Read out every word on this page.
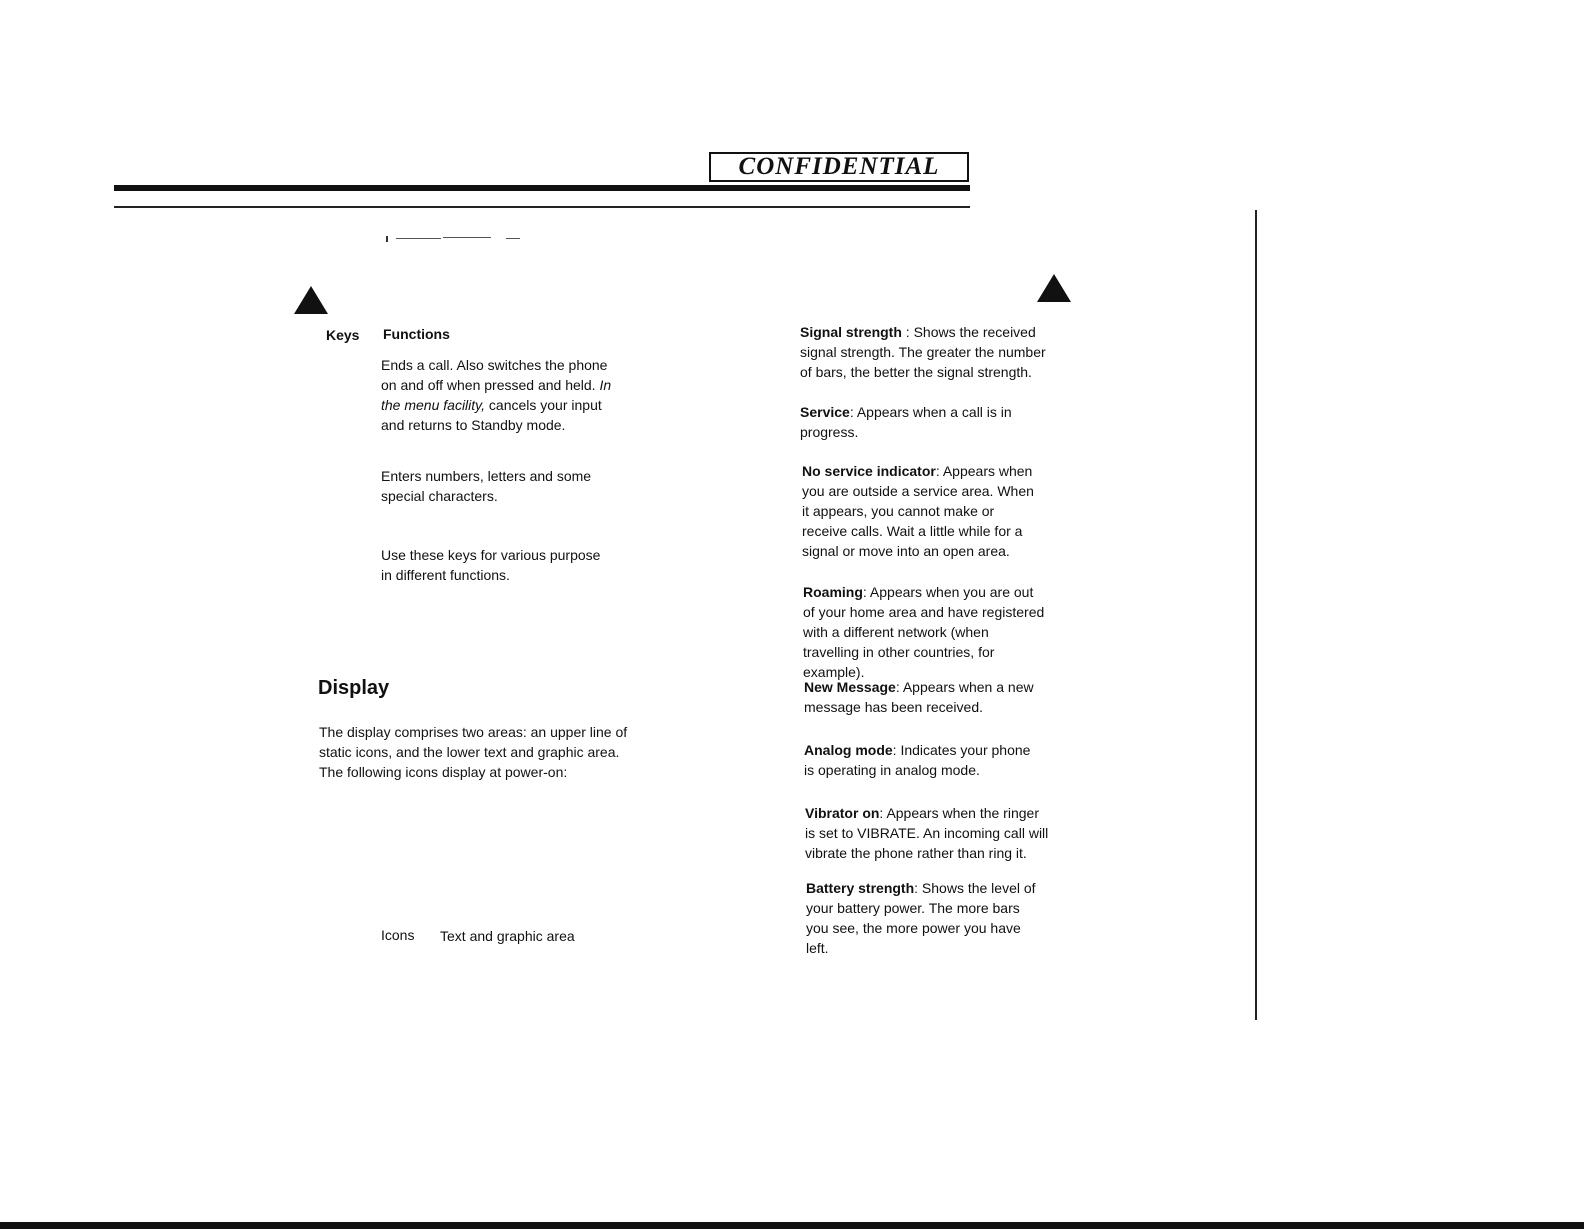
CONFIDENTIAL
Keys Functions
Ends a call. Also switches the phone on and off when pressed and held. In the menu facility, cancels your input and returns to Standby mode.
Enters numbers, letters and some special characters.
Use these keys for various purpose in different functions.
Display
The display comprises two areas: an upper line of static icons, and the lower text and graphic area. The following icons display at power-on:
Icons Text and graphic area
Signal strength : Shows the received signal strength. The greater the number of bars, the better the signal strength.
Service: Appears when a call is in progress.
No service indicator: Appears when you are outside a service area. When it appears, you cannot make or receive calls. Wait a little while for a signal or move into an open area.
Roaming: Appears when you are out of your home area and have registered with a different network (when travelling in other countries, for example).
New Message: Appears when a new message has been received.
Analog mode: Indicates your phone is operating in analog mode.
Vibrator on: Appears when the ringer is set to VIBRATE. An incoming call will vibrate the phone rather than ring it.
Battery strength: Shows the level of your battery power. The more bars you see, the more power you have left.
